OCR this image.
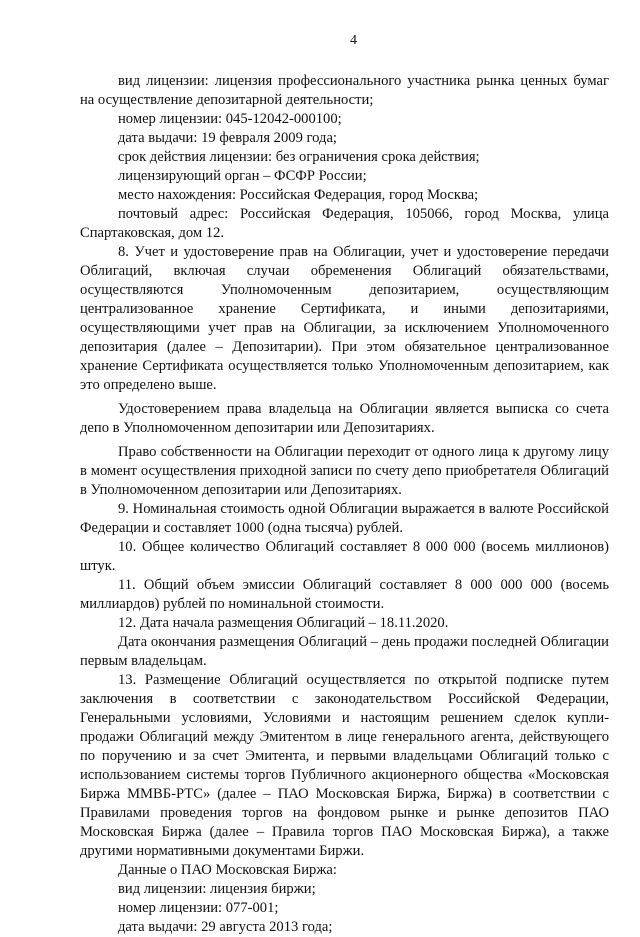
4

вид лицензии: лицензия профессионального участника рынка ценных бумаг на осуществление депозитарной деятельности;

номер лицензии: 045-12042-000100;

дата выдачи: 19 февраля 2009 года;

срок действия лицензии: без ограничения срока действия;

лицензирующий орган – ФСФР России;

место нахождения: Российская Федерация, город Москва;

почтовый адрес: Российская Федерация, 105066, город Москва, улица Спартаковская, дом 12.

8. Учет и удостоверение прав на Облигации, учет и удостоверение передачи Облигаций, включая случаи обременения Облигаций обязательствами, осуществляются Уполномоченным депозитарием, осуществляющим централизованное хранение Сертификата, и иными депозитариями, осуществляющими учет прав на Облигации, за исключением Уполномоченного депозитария (далее – Депозитарии). При этом обязательное централизованное хранение Сертификата осуществляется только Уполномоченным депозитарием, как это определено выше.

Удостоверением права владельца на Облигации является выписка со счета депо в Уполномоченном депозитарии или Депозитариях.

Право собственности на Облигации переходит от одного лица к другому лицу в момент осуществления приходной записи по счету депо приобретателя Облигаций в Уполномоченном депозитарии или Депозитариях.

9. Номинальная стоимость одной Облигации выражается в валюте Российской Федерации и составляет 1000 (одна тысяча) рублей.

10. Общее количество Облигаций составляет 8 000 000 (восемь миллионов) штук.

11. Общий объем эмиссии Облигаций составляет 8 000 000 000 (восемь миллиардов) рублей по номинальной стоимости.

12. Дата начала размещения Облигаций – 18.11.2020.

Дата окончания размещения Облигаций – день продажи последней Облигации первым владельцам.

13. Размещение Облигаций осуществляется по открытой подписке путем заключения в соответствии с законодательством Российской Федерации, Генеральными условиями, Условиями и настоящим решением сделок купли-продажи Облигаций между Эмитентом в лице генерального агента, действующего по поручению и за счет Эмитента, и первыми владельцами Облигаций только с использованием системы торгов Публичного акционерного общества «Московская Биржа ММВБ-РТС» (далее – ПАО Московская Биржа, Биржа) в соответствии с Правилами проведения торгов на фондовом рынке и рынке депозитов ПАО Московская Биржа (далее – Правила торгов ПАО Московская Биржа), а также другими нормативными документами Биржи.

Данные о ПАО Московская Биржа:

вид лицензии: лицензия биржи;

номер лицензии: 077-001;

дата выдачи: 29 августа 2013 года;
